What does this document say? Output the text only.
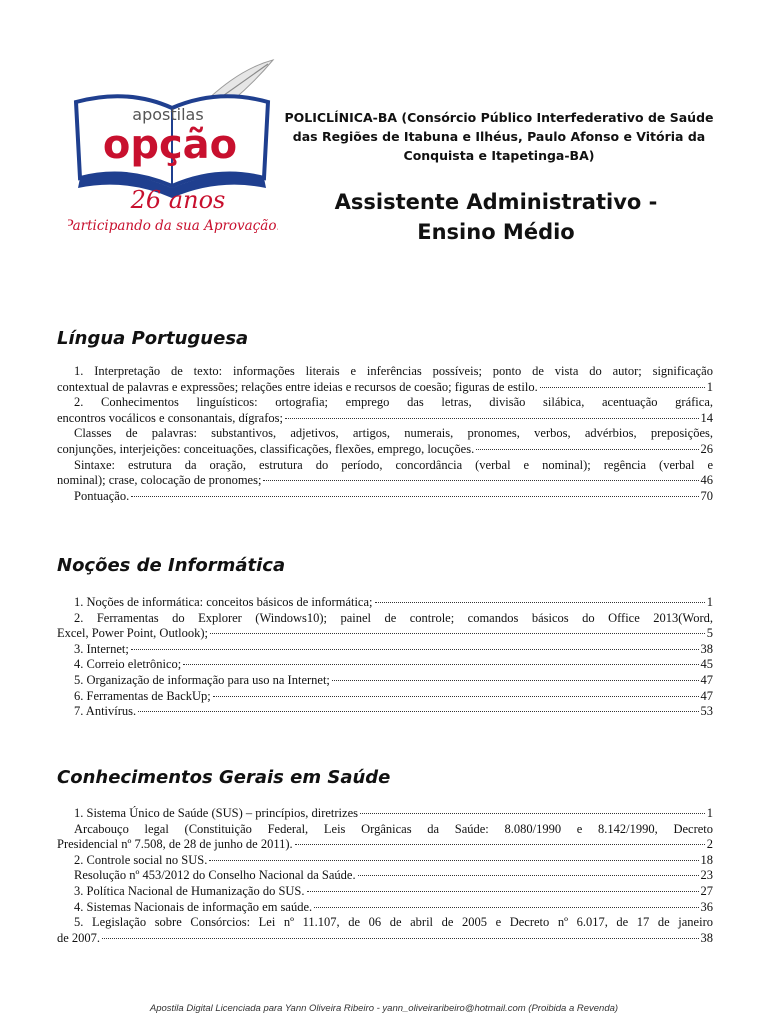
apostilas
opção
26 anos
Participando da sua Aprovação!
POLICLÍNICA-BA (Consórcio Público Interfederativo de Saúde das Regiões de Itabuna e Ilhéus, Paulo Afonso e Vitória da Conquista e Itapetinga-BA)
Assistente Administrativo -
Ensino Médio
Língua Portuguesa
1. Interpretação de texto: informações literais e inferências possíveis; ponto de vista do autor; significação
contextual de palavras e expressões; relações entre ideias e recursos de coesão; figuras de estilo.	1
2. Conhecimentos linguísticos: ortografia; emprego das letras, divisão silábica, acentuação gráfica,
encontros vocálicos e consonantais, dígrafos;	14
Classes de palavras: substantivos, adjetivos, artigos, numerais, pronomes, verbos, advérbios, preposições,
conjunções, interjeições: conceituações, classificações, flexões, emprego, locuções.	26
Sintaxe: estrutura da oração, estrutura do período, concordância (verbal e nominal); regência (verbal e
nominal); crase, colocação de pronomes;	46
Pontuação.	70
Noções de Informática
1. Noções de informática: conceitos básicos de informática;	1
2. Ferramentas do Explorer (Windows10); painel de controle; comandos básicos do Office 2013(Word,
Excel, Power Point, Outlook);	5
3. Internet;	38
4. Correio eletrônico;	45
5. Organização de informação para uso na Internet;	47
6. Ferramentas de BackUp;	47
7. Antivírus.	53
Conhecimentos Gerais em Saúde
1. Sistema Único de Saúde (SUS) – princípios, diretrizes	1
Arcabouço legal (Constituição Federal, Leis Orgânicas da Saúde: 8.080/1990 e 8.142/1990, Decreto
Presidencial nº 7.508, de 28 de junho de 2011).	2
2. Controle social no SUS.	18
Resolução nº 453/2012 do Conselho Nacional da Saúde.	23
3. Política Nacional de Humanização do SUS.	27
4. Sistemas Nacionais de informação em saúde.	36
5. Legislação sobre Consórcios: Lei nº 11.107, de 06 de abril de 2005 e Decreto nº 6.017, de 17 de janeiro
de 2007.	38
Apostila Digital Licenciada para Yann Oliveira Ribeiro - yann_oliveiraribeiro@hotmail.com (Proibida a Revenda)
